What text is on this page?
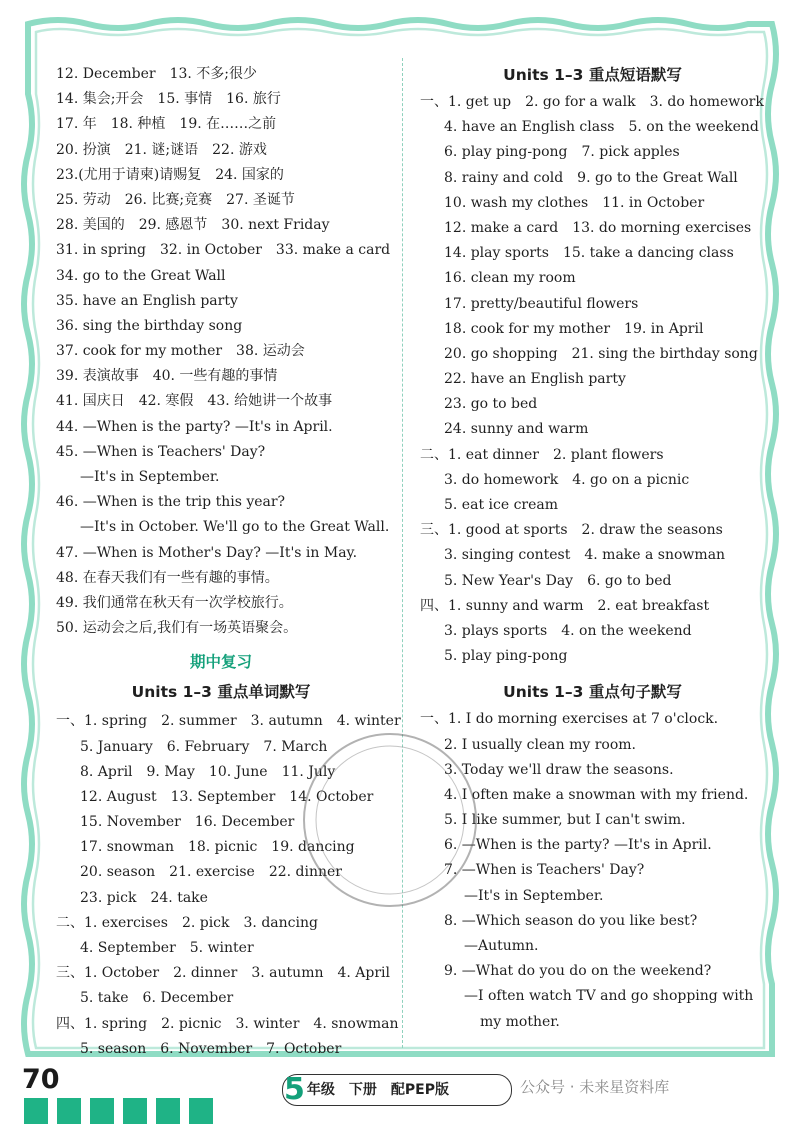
12. December　13. 不多;很少
14. 集会;开会　15. 事情　16. 旅行
17. 年　18. 种植　19. 在……之前
20. 扮演　21. 谜;谜语　22. 游戏
23.(尤用于请柬)请赐复　24. 国家的
25. 劳动　26. 比赛;竞赛　27. 圣诞节
28. 美国的　29. 感恩节　30. next Friday
31. in spring　32. in October　33. make a card
34. go to the Great Wall
35. have an English party
36. sing the birthday song
37. cook for my mother　38. 运动会
39. 表演故事　40. 一些有趣的事情
41. 国庆日　42. 寒假　43. 给她讲一个故事
44. —When is the party? —It's in April.
45. —When is Teachers' Day?
—It's in September.
46. —When is the trip this year?
—It's in October. We'll go to the Great Wall.
47. —When is Mother's Day? —It's in May.
48. 在春天我们有一些有趣的事情。
49. 我们通常在秋天有一次学校旅行。
50. 运动会之后,我们有一场英语聚会。
期中复习
Units 1–3 重点单词默写
一、1. spring　2. summer　3. autumn　4. winter
5. January　6. February　7. March
8. April　9. May　10. June　11. July
12. August　13. September　14. October
15. November　16. December
17. snowman　18. picnic　19. dancing
20. season　21. exercise　22. dinner
23. pick　24. take
二、1. exercises　2. pick　3. dancing
4. September　5. winter
三、1. October　2. dinner　3. autumn　4. April
5. take　6. December
四、1. spring　2. picnic　3. winter　4. snowman
5. season　6. November　7. October
Units 1–3 重点短语默写
一、1. get up　2. go for a walk　3. do homework
4. have an English class　5. on the weekend
6. play ping-pong　7. pick apples
8. rainy and cold　9. go to the Great Wall
10. wash my clothes　11. in October
12. make a card　13. do morning exercises
14. play sports　15. take a dancing class
16. clean my room
17. pretty/beautiful flowers
18. cook for my mother　19. in April
20. go shopping　21. sing the birthday song
22. have an English party
23. go to bed
24. sunny and warm
二、1. eat dinner　2. plant flowers
3. do homework　4. go on a picnic
5. eat ice cream
三、1. good at sports　2. draw the seasons
3. singing contest　4. make a snowman
5. New Year's Day　6. go to bed
四、1. sunny and warm　2. eat breakfast
3. plays sports　4. on the weekend
5. play ping-pong
Units 1–3 重点句子默写
一、1. I do morning exercises at 7 o'clock.
2. I usually clean my room.
3. Today we'll draw the seasons.
4. I often make a snowman with my friend.
5. I like summer, but I can't swim.
6. —When is the party? —It's in April.
7. —When is Teachers' Day?
—It's in September.
8. —Which season do you like best?
—Autumn.
9. —What do you do on the weekend?
—I often watch TV and go shopping with
my mother.
70	5 年级 下册 配PEP版	公众号 · 未来星资料库
